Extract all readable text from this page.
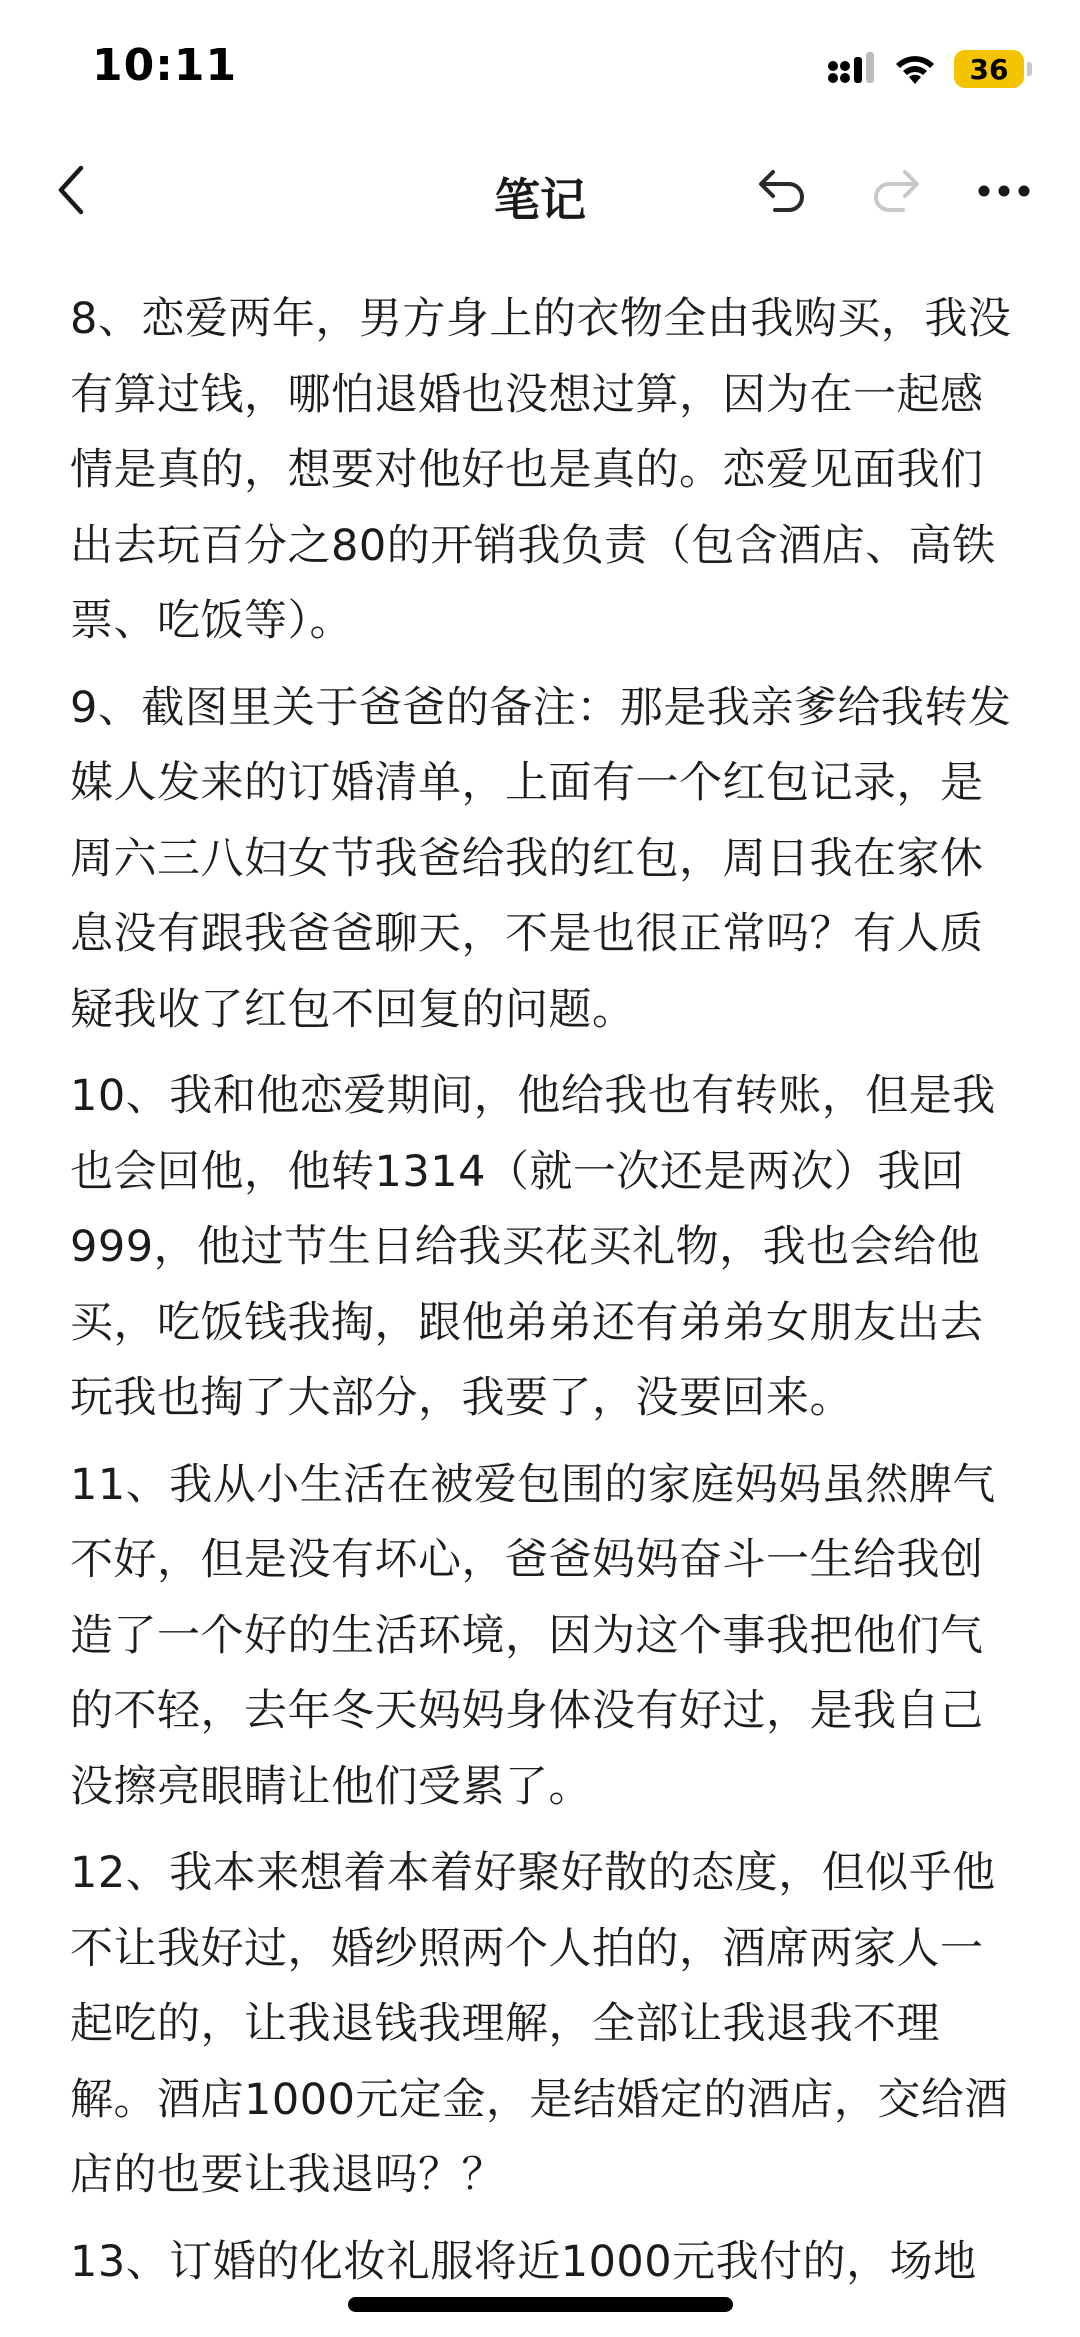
10:11	36
笔记

8、恋爱两年，男方身上的衣物全由我购买，我没有算过钱，哪怕退婚也没想过算，因为在一起感情是真的，想要对他好也是真的。恋爱见面我们出去玩百分之80的开销我负责（包含酒店、高铁票、吃饭等）。

9、截图里关于爸爸的备注：那是我亲爹给我转发媒人发来的订婚清单，上面有一个红包记录，是周六三八妇女节我爸给我的红包，周日我在家休息没有跟我爸爸聊天，不是也很正常吗？有人质疑我收了红包不回复的问题。

10、我和他恋爱期间，他给我也有转账，但是我也会回他，他转1314（就一次还是两次）我回999，他过节生日给我买花买礼物，我也会给他买，吃饭钱我掏，跟他弟弟还有弟弟女朋友出去玩我也掏了大部分，我要了，没要回来。

11、我从小生活在被爱包围的家庭妈妈虽然脾气不好，但是没有坏心，爸爸妈妈奋斗一生给我创造了一个好的生活环境，因为这个事我把他们气的不轻，去年冬天妈妈身体没有好过，是我自己没擦亮眼睛让他们受累了。

12、我本来想着本着好聚好散的态度，但似乎他不让我好过，婚纱照两个人拍的，酒席两家人一起吃的，让我退钱我理解，全部让我退我不理解。酒店1000元定金，是结婚定的酒店，交给酒店的也要让我退吗？？

13、订婚的化妆礼服将近1000元我付的，场地
